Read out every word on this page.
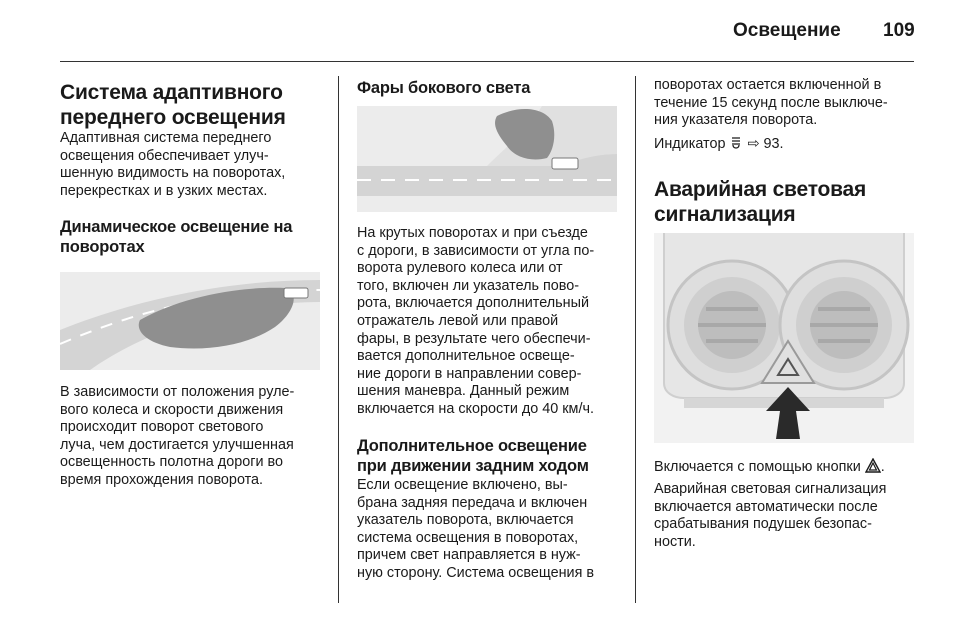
Освещение 109
Система адаптивного
переднего освещения
Адаптивная система переднего
освещения обеспечивает улуч-
шенную видимость на поворотах,
перекрестках и в узких местах.
Динамическое освещение на
поворотах
В зависимости от положения руле-
вого колеса и скорости движения
происходит поворот светового
луча, чем достигается улучшенная
освещенность полотна дороги во
время прохождения поворота.
Фары бокового света
На крутых поворотах и при съезде
с дороги, в зависимости от угла по-
ворота рулевого колеса или от
того, включен ли указатель пово-
рота, включается дополнительный
отражатель левой или правой
фары, в результате чего обеспечи-
вается дополнительное освеще-
ние дороги в направлении совер-
шения маневра. Данный режим
включается на скорости до 40 км/ч.
Дополнительное освещение
при движении задним ходом
Если освещение включено, вы-
брана задняя передача и включен
указатель поворота, включается
система освещения в поворотах,
причем свет направляется в нуж-
ную сторону. Система освещения в
поворотах остается включенной в
течение 15 секунд после выключе-
ния указателя поворота.
Индикатор ⇨ 93.
Аварийная световая
сигнализация
Включается с помощью кнопки .
Аварийная световая сигнализация
включается автоматически после
срабатывания подушек безопас-
ности.
